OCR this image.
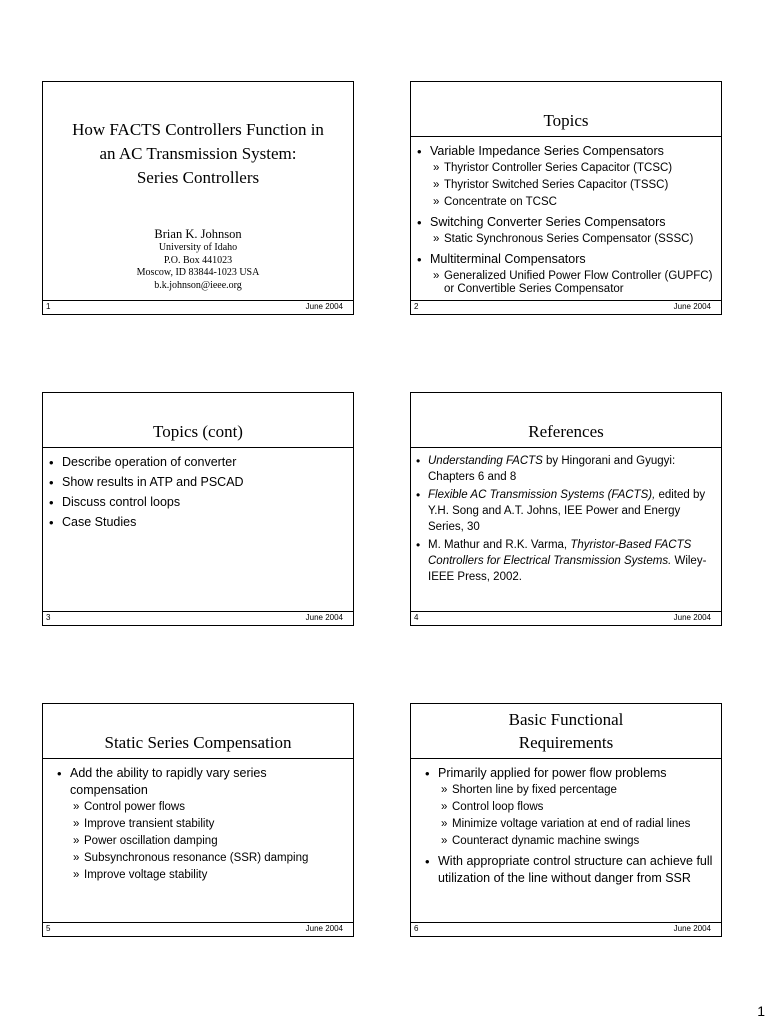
How FACTS Controllers Function in
an AC Transmission System:
Series Controllers
Brian K. Johnson
University of Idaho
P.O. Box 441023
Moscow, ID 83844-1023 USA
b.k.johnson@ieee.org
1	June 2004
Topics
• Variable Impedance Series Compensators
» Thyristor Controller Series Capacitor (TCSC)
» Thyristor Switched Series Capacitor (TSSC)
» Concentrate on TCSC
• Switching Converter Series Compensators
» Static Synchronous Series Compensator (SSSC)
• Multiterminal Compensators
» Generalized Unified Power Flow Controller (GUPFC) or Convertible Series Compensator
2	June 2004
Topics (cont)
• Describe operation of converter
• Show results in ATP and PSCAD
• Discuss control loops
• Case Studies
3	June 2004
References
• Understanding FACTS by Hingorani and Gyugyi: Chapters 6 and 8
• Flexible AC Transmission Systems (FACTS), edited by Y.H. Song and A.T. Johns, IEE Power and Energy Series, 30
• M. Mathur and R.K. Varma, Thyristor-Based FACTS Controllers for Electrical Transmission Systems. Wiley-IEEE Press, 2002.
4	June 2004
Static Series Compensation
• Add the ability to rapidly vary series compensation
» Control power flows
» Improve transient stability
» Power oscillation damping
» Subsynchronous resonance (SSR) damping
» Improve voltage stability
5	June 2004
Basic Functional
Requirements
• Primarily applied for power flow problems
» Shorten line by fixed percentage
» Control loop flows
» Minimize voltage variation at end of radial lines
» Counteract dynamic machine swings
• With appropriate control structure can achieve full utilization of the line without danger from SSR
6	June 2004
1
